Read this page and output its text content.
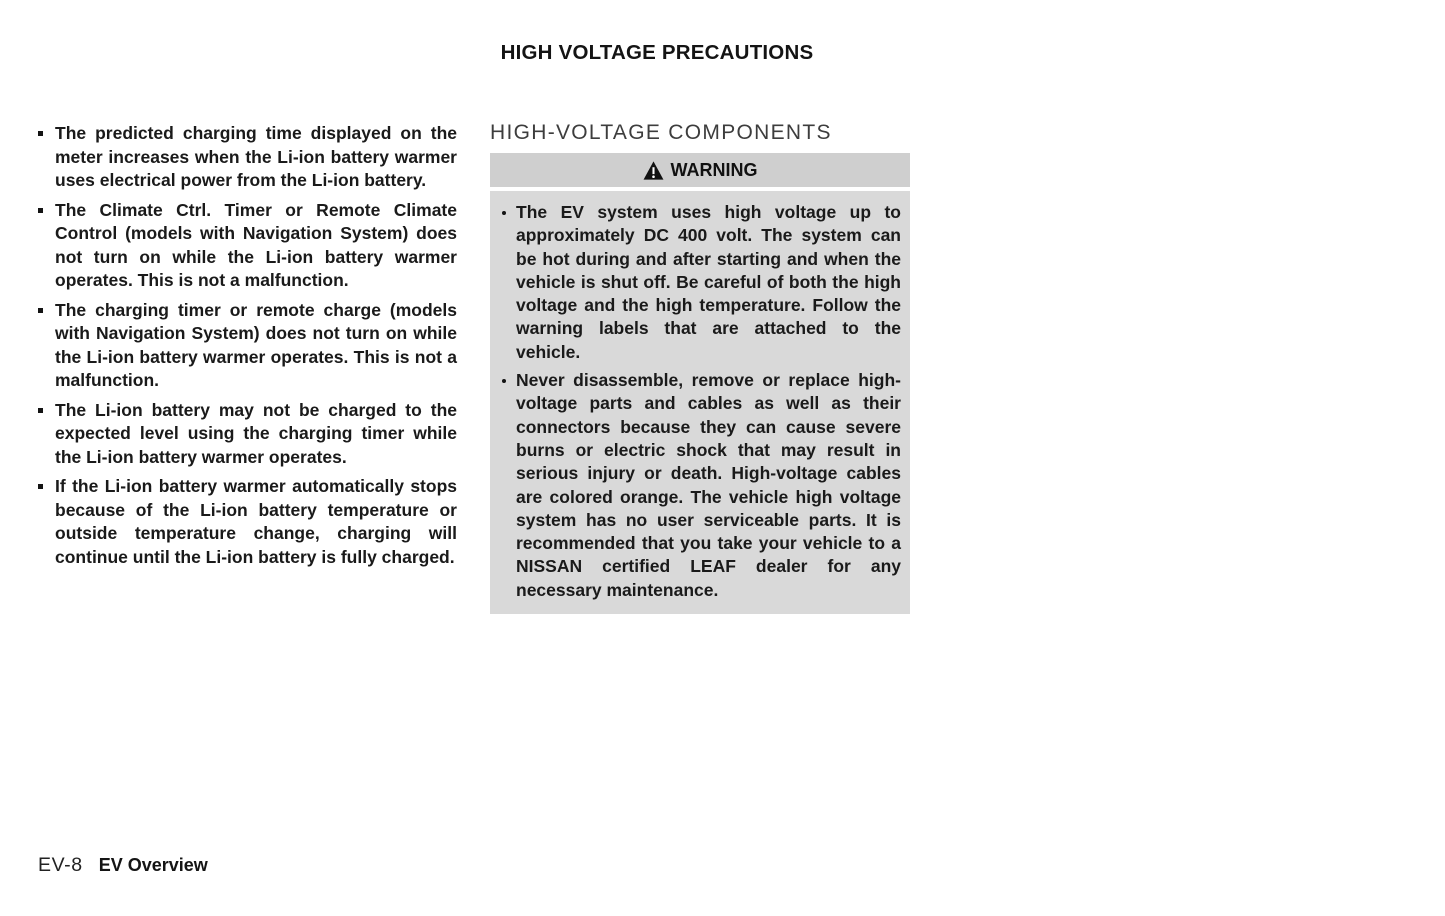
HIGH VOLTAGE PRECAUTIONS

The predicted charging time displayed on the meter increases when the Li-ion battery warmer uses electrical power from the Li-ion battery.

The Climate Ctrl. Timer or Remote Climate Control (models with Navigation System) does not turn on while the Li-ion battery warmer operates. This is not a malfunction.

The charging timer or remote charge (models with Navigation System) does not turn on while the Li-ion battery warmer operates. This is not a malfunction.

The Li-ion battery may not be charged to the expected level using the charging timer while the Li-ion battery warmer operates.

If the Li-ion battery warmer automatically stops because of the Li-ion battery temperature or outside temperature change, charging will continue until the Li-ion battery is fully charged.

HIGH-VOLTAGE COMPONENTS
WARNING

The EV system uses high voltage up to approximately DC 400 volt. The system can be hot during and after starting and when the vehicle is shut off. Be careful of both the high voltage and the high temperature. Follow the warning labels that are attached to the vehicle.

Never disassemble, remove or replace high-voltage parts and cables as well as their connectors because they can cause severe burns or electric shock that may result in serious injury or death. High-voltage cables are colored orange. The vehicle high voltage system has no user serviceable parts. It is recommended that you take your vehicle to a NISSAN certified LEAF dealer for any necessary maintenance.

EV-8 EV Overview
